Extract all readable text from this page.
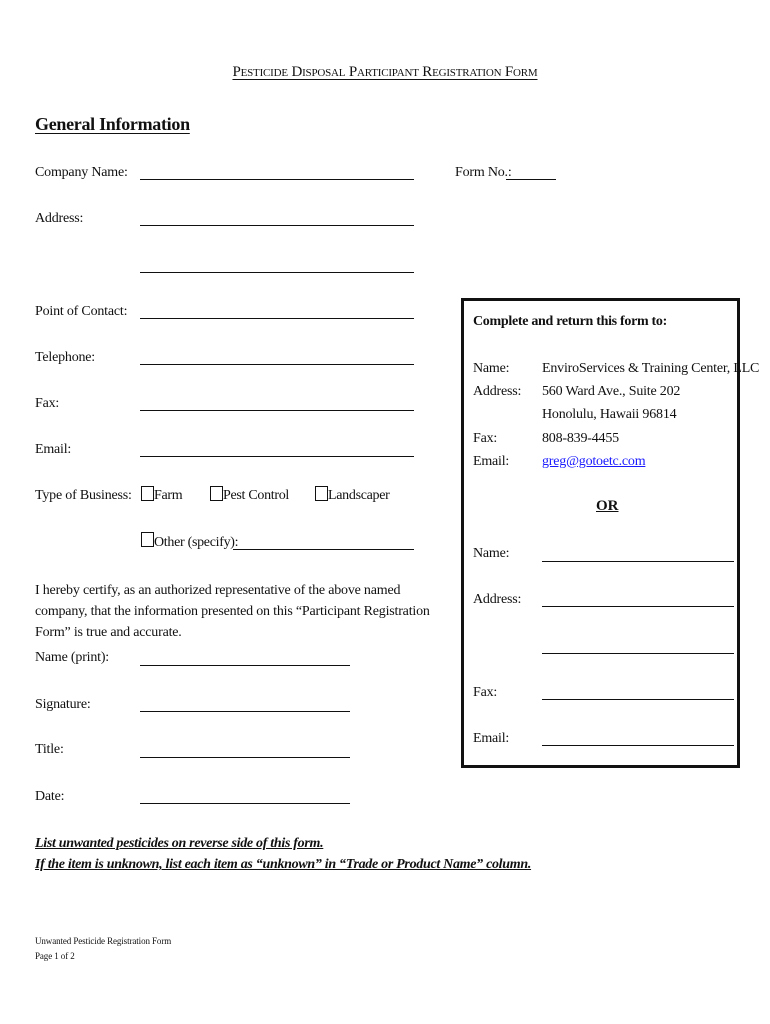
Pesticide Disposal Participant Registration Form
General Information
Company Name:	Form No.:
Address:
Point of Contact:
Telephone:
Fax:
Email:
Type of Business: Farm	Pest Control	Landscaper
Other (specify):
I hereby certify, as an authorized representative of the above named company, that the information presented on this “Participant Registration Form” is true and accurate.
Name (print):
Signature:
Title:
Date:
List unwanted pesticides on reverse side of this form.
If the item is unknown, list each item as “unknown” in “Trade or Product Name” column.
Unwanted Pesticide Registration Form
Page 1 of 2
Complete and return this form to:
Name: EnviroServices & Training Center, LLC
Address: 560 Ward Ave., Suite 202
Honolulu, Hawaii 96814
Fax:	808-839-4455
Email: greg@gotoetc.com
OR
Name:
Address:
Fax:
Email:
